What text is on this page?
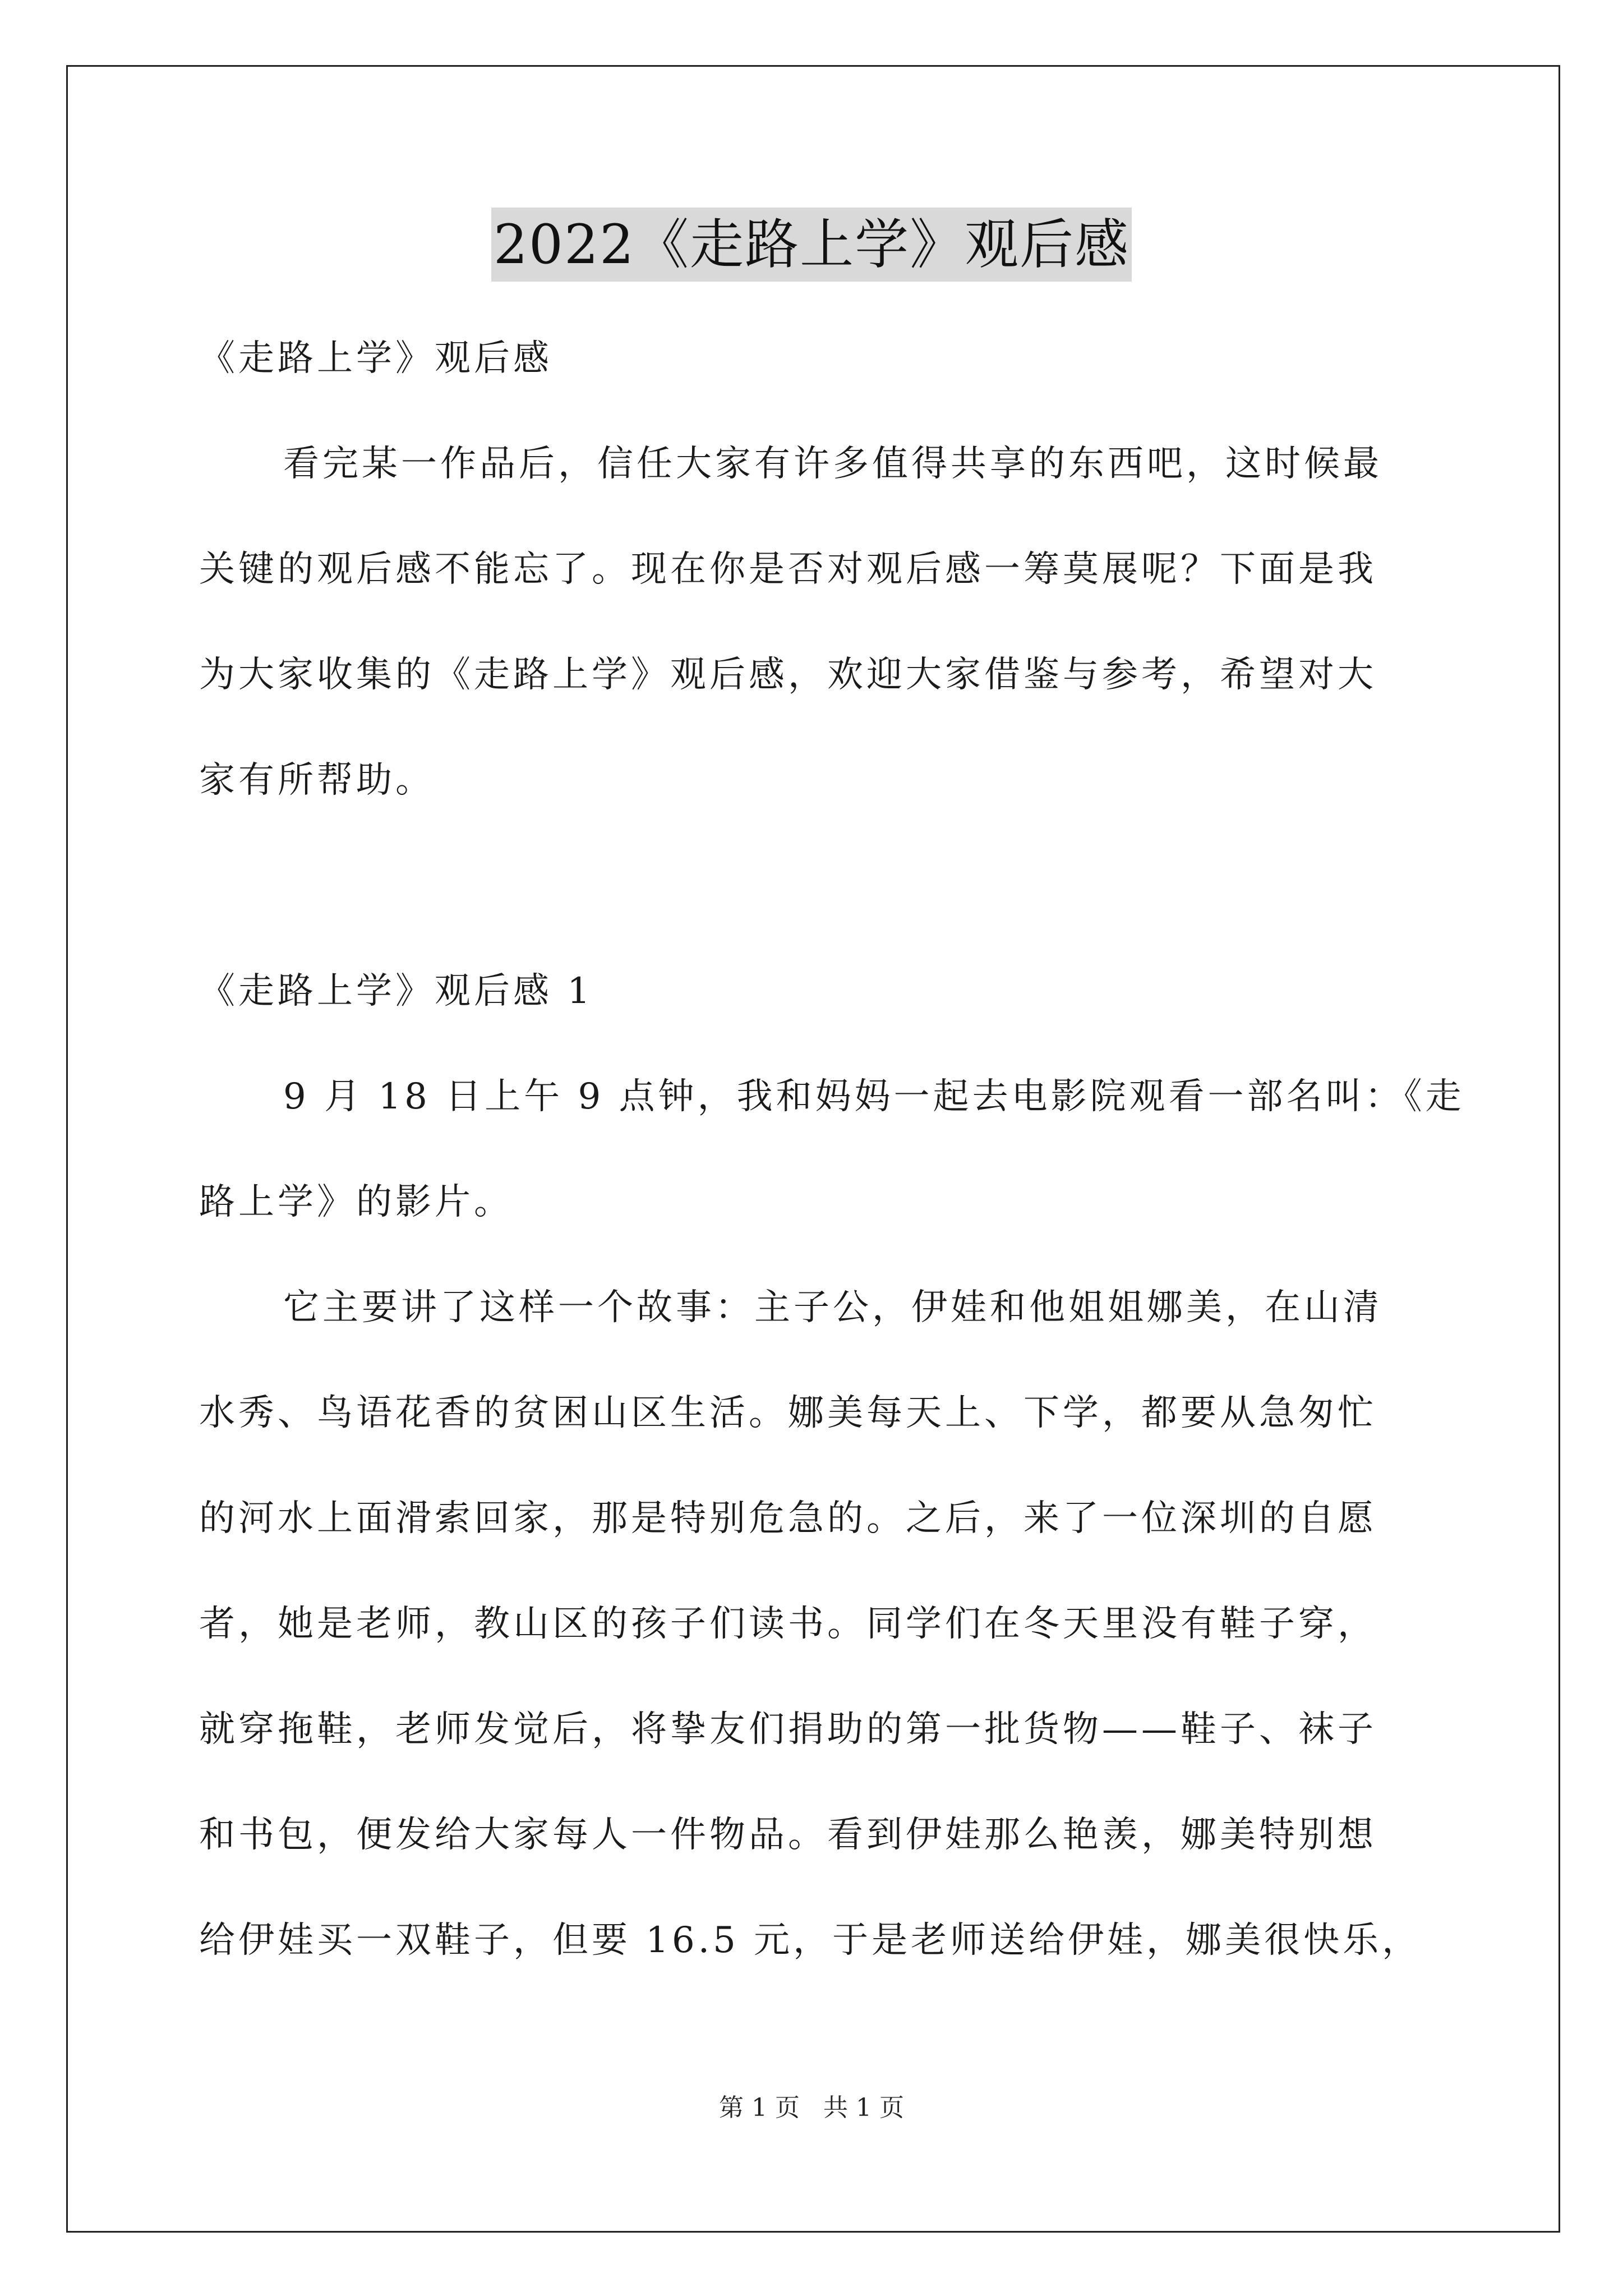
2022《走路上学》观后感
《走路上学》观后感
看完某一作品后，信任大家有许多值得共享的东西吧，这时候最
关键的观后感不能忘了。现在你是否对观后感一筹莫展呢？下面是我
为大家收集的《走路上学》观后感，欢迎大家借鉴与参考，希望对大
家有所帮助。
《走路上学》观后感 1
9 月 18 日上午 9 点钟，我和妈妈一起去电影院观看一部名叫：《走
路上学》的影片。
它主要讲了这样一个故事：主子公，伊娃和他姐姐娜美，在山清
水秀、鸟语花香的贫困山区生活。娜美每天上、下学，都要从急匆忙
的河水上面滑索回家，那是特别危急的。之后，来了一位深圳的自愿
者，她是老师，教山区的孩子们读书。同学们在冬天里没有鞋子穿，
就穿拖鞋，老师发觉后，将挚友们捐助的第一批货物——鞋子、袜子
和书包，便发给大家每人一件物品。看到伊娃那么艳羡，娜美特别想
给伊娃买一双鞋子，但要 16.5 元，于是老师送给伊娃，娜美很快乐，
第 1 页 共 1 页
